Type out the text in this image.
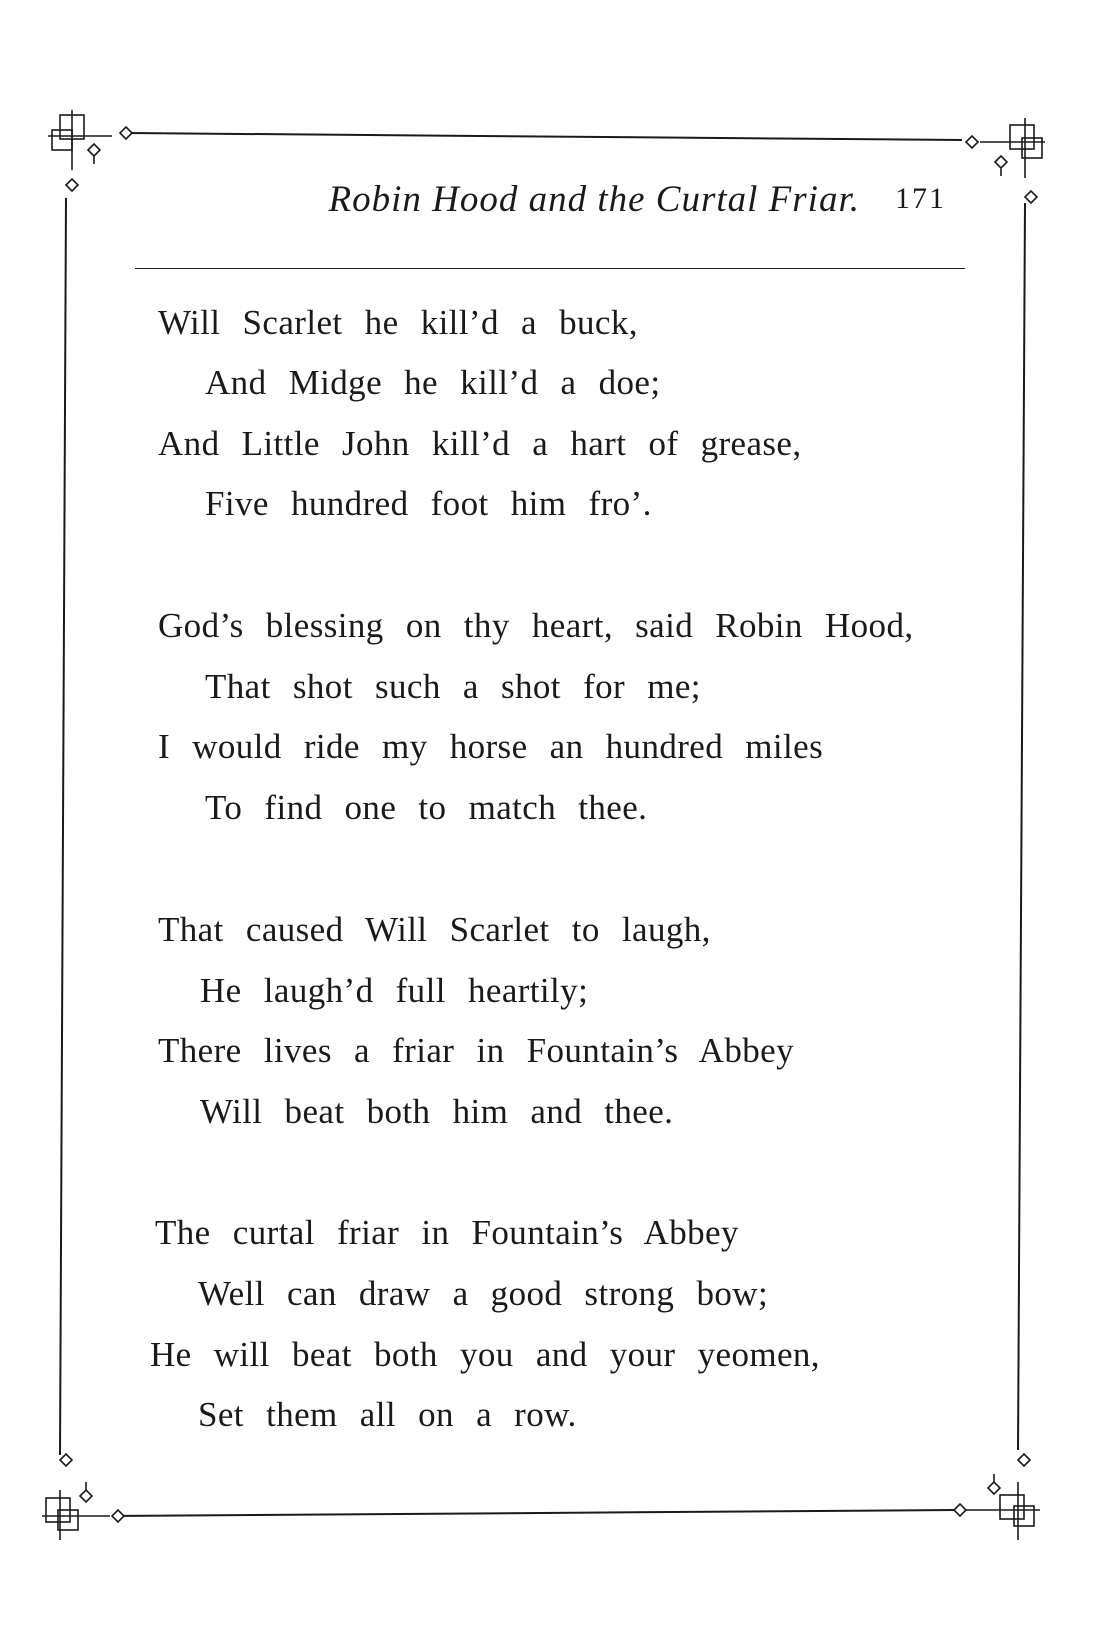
Robin Hood and the Curtal Friar. 171
Will Scarlet he kill’d a buck,
And Midge he kill’d a doe;
And Little John kill’d a hart of grease,
Five hundred foot him fro’.
God’s blessing on thy heart, said Robin Hood,
That shot such a shot for me;
I would ride my horse an hundred miles
To find one to match thee.
That caused Will Scarlet to laugh,
He laugh’d full heartily;
There lives a friar in Fountain’s Abbey
Will beat both him and thee.
The curtal friar in Fountain’s Abbey
Well can draw a good strong bow;
He will beat both you and your yeomen,
Set them all on a row.
